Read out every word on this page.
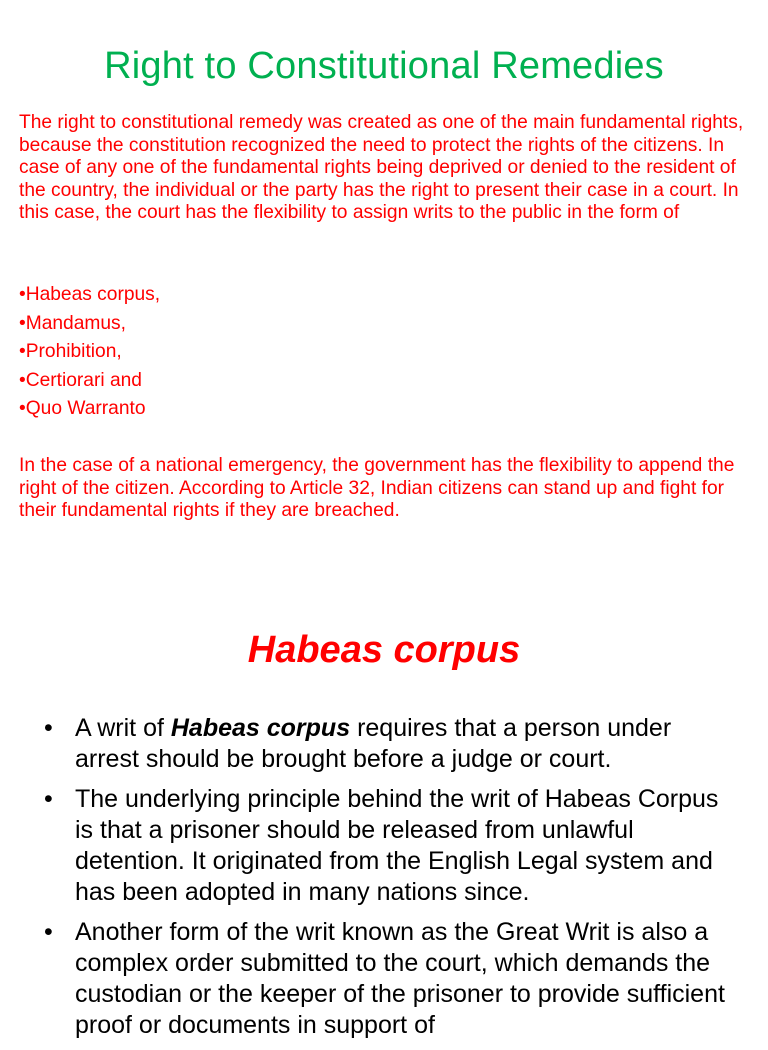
Right to Constitutional Remedies

The right to constitutional remedy was created as one of the main fundamental rights, because the constitution recognized the need to protect the rights of the citizens. In case of any one of the fundamental rights being deprived or denied to the resident of the country, the individual or the party has the right to present their case in a court. In this case, the court has the flexibility to assign writs to the public in the form of

•Habeas corpus,
•Mandamus,
•Prohibition,
•Certiorari and
•Quo Warranto

In the case of a national emergency, the government has the flexibility to append the right of the citizen. According to Article 32, Indian citizens can stand up and fight for their fundamental rights if they are breached.

Habeas corpus
• A writ of Habeas corpus requires that a person under arrest should be brought before a judge or court.
• The underlying principle behind the writ of Habeas Corpus is that a prisoner should be released from unlawful detention. It originated from the English Legal system and has been adopted in many nations since.
• Another form of the writ known as the Great Writ is also a complex order submitted to the court, which demands the custodian or the keeper of the prisoner to provide sufficient proof or documents in support of
